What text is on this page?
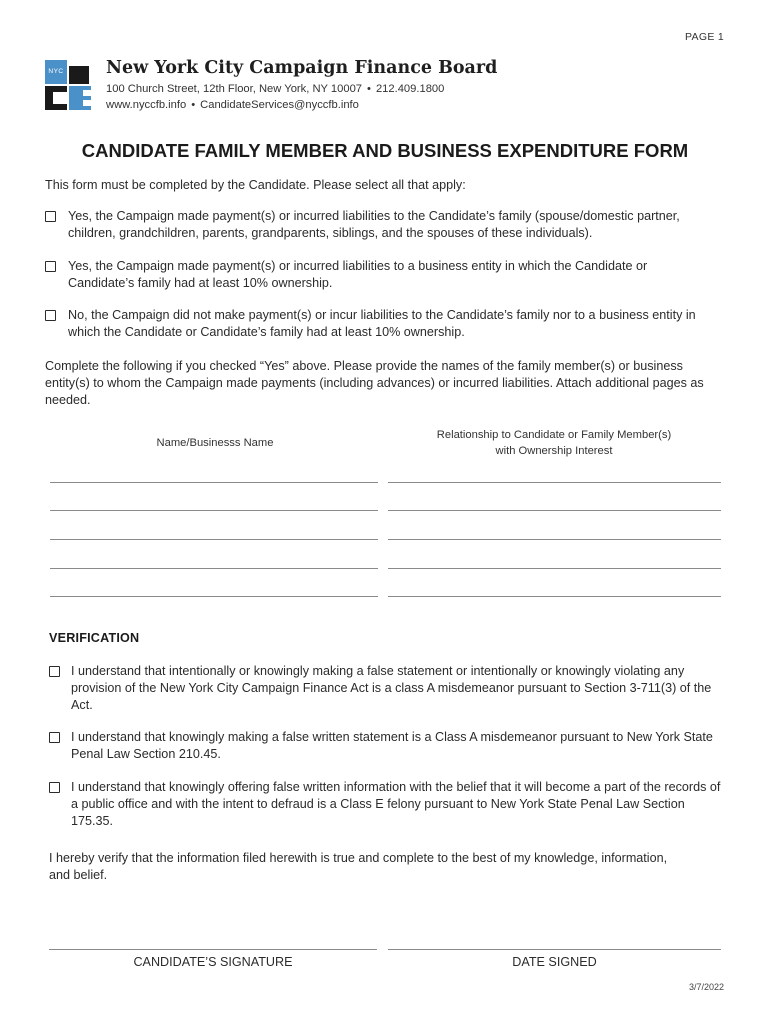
PAGE 1
NYC New York City Campaign Finance Board
100 Church Street, 12th Floor, New York, NY 10007 • 212.409.1800
www.nyccfb.info • CandidateServices@nyccfb.info
CANDIDATE FAMILY MEMBER AND BUSINESS EXPENDITURE FORM
This form must be completed by the Candidate. Please select all that apply:
Yes, the Campaign made payment(s) or incurred liabilities to the Candidate’s family (spouse/domestic partner, children, grandchildren, parents, grandparents, siblings, and the spouses of these individuals).
Yes, the Campaign made payment(s) or incurred liabilities to a business entity in which the Candidate or Candidate’s family had at least 10% ownership.
No, the Campaign did not make payment(s) or incur liabilities to the Candidate’s family nor to a business entity in which the Candidate or Candidate’s family had at least 10% ownership.
Complete the following if you checked “Yes” above. Please provide the names of the family member(s) or business entity(s) to whom the Campaign made payments (including advances) or incurred liabilities. Attach additional pages as needed.
Name/Businesss Name
Relationship to Candidate or Family Member(s)
with Ownership Interest
VERIFICATION
I understand that intentionally or knowingly making a false statement or intentionally or knowingly violating any provision of the New York City Campaign Finance Act is a class A misdemeanor pursuant to Section 3-711(3) of the Act.
I understand that knowingly making a false written statement is a Class A misdemeanor pursuant to New York State Penal Law Section 210.45.
I understand that knowingly offering false written information with the belief that it will become a part of the records of a public office and with the intent to defraud is a Class E felony pursuant to New York State Penal Law Section 175.35.
I hereby verify that the information filed herewith is true and complete to the best of my knowledge, information, and belief.
CANDIDATE’S SIGNATURE	DATE SIGNED
3/7/2022
